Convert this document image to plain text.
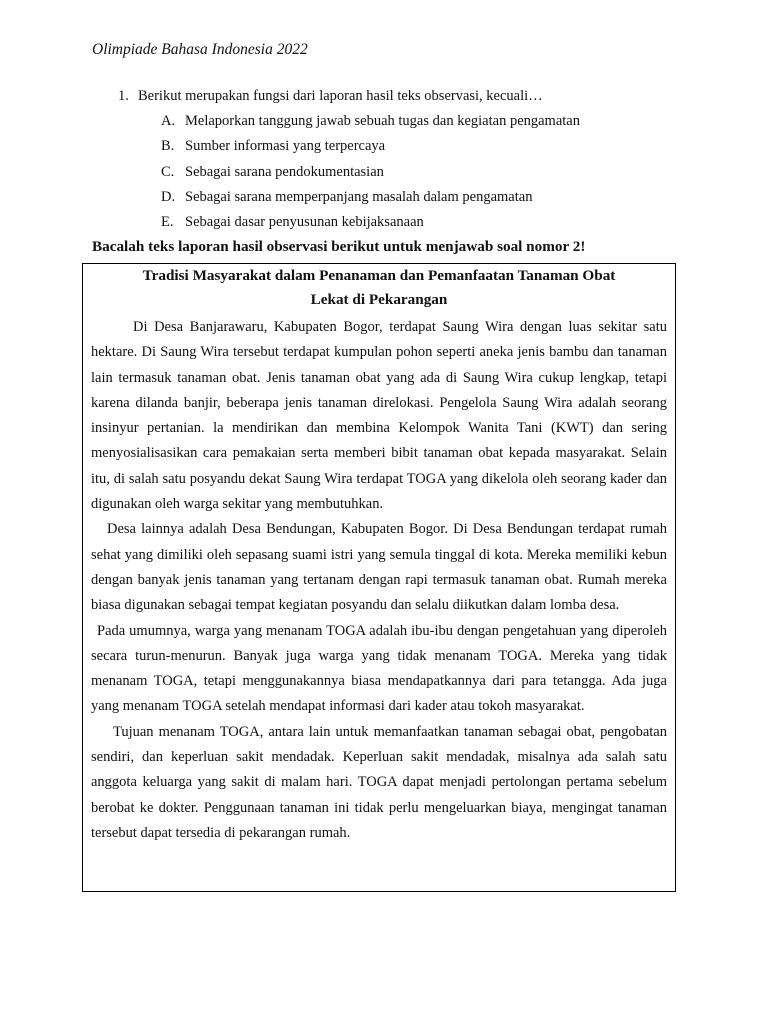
Olimpiade Bahasa Indonesia 2022
1. Berikut merupakan fungsi dari laporan hasil teks observasi, kecuali…
A. Melaporkan tanggung jawab sebuah tugas dan kegiatan pengamatan
B. Sumber informasi yang terpercaya
C. Sebagai sarana pendokumentasian
D. Sebagai sarana memperpanjang masalah dalam pengamatan
E. Sebagai dasar penyusunan kebijaksanaan
Bacalah teks laporan hasil observasi berikut untuk menjawab soal nomor 2!
Tradisi Masyarakat dalam Penanaman dan Pemanfaatan Tanaman Obat
Lekat di Pekarangan

Di Desa Banjarawaru, Kabupaten Bogor, terdapat Saung Wira dengan luas sekitar satu hektare. Di Saung Wira tersebut terdapat kumpulan pohon seperti aneka jenis bambu dan tanaman lain termasuk tanaman obat. Jenis tanaman obat yang ada di Saung Wira cukup lengkap, tetapi karena dilanda banjir, beberapa jenis tanaman direlokasi. Pengelola Saung Wira adalah seorang insinyur pertanian. la mendirikan dan membina Kelompok Wanita Tani (KWT) dan sering menyosialisasikan cara pemakaian serta memberi bibit tanaman obat kepada masyarakat. Selain itu, di salah satu posyandu dekat Saung Wira terdapat TOGA yang dikelola oleh seorang kader dan digunakan oleh warga sekitar yang membutuhkan.

Desa lainnya adalah Desa Bendungan, Kabupaten Bogor. Di Desa Bendungan terdapat rumah sehat yang dimiliki oleh sepasang suami istri yang semula tinggal di kota. Mereka memiliki kebun dengan banyak jenis tanaman yang tertanam dengan rapi termasuk tanaman obat. Rumah mereka biasa digunakan sebagai tempat kegiatan posyandu dan selalu diikutkan dalam lomba desa.

Pada umumnya, warga yang menanam TOGA adalah ibu-ibu dengan pengetahuan yang diperoleh secara turun-menurun. Banyak juga warga yang tidak menanam TOGA. Mereka yang tidak menanam TOGA, tetapi menggunakannya biasa mendapatkannya dari para tetangga. Ada juga yang menanam TOGA setelah mendapat informasi dari kader atau tokoh masyarakat.

Tujuan menanam TOGA, antara lain untuk memanfaatkan tanaman sebagai obat, pengobatan sendiri, dan keperluan sakit mendadak. Keperluan sakit mendadak, misalnya ada salah satu anggota keluarga yang sakit di malam hari. TOGA dapat menjadi pertolongan pertama sebelum berobat ke dokter. Penggunaan tanaman ini tidak perlu mengeluarkan biaya, mengingat tanaman tersebut dapat tersedia di pekarangan rumah.
